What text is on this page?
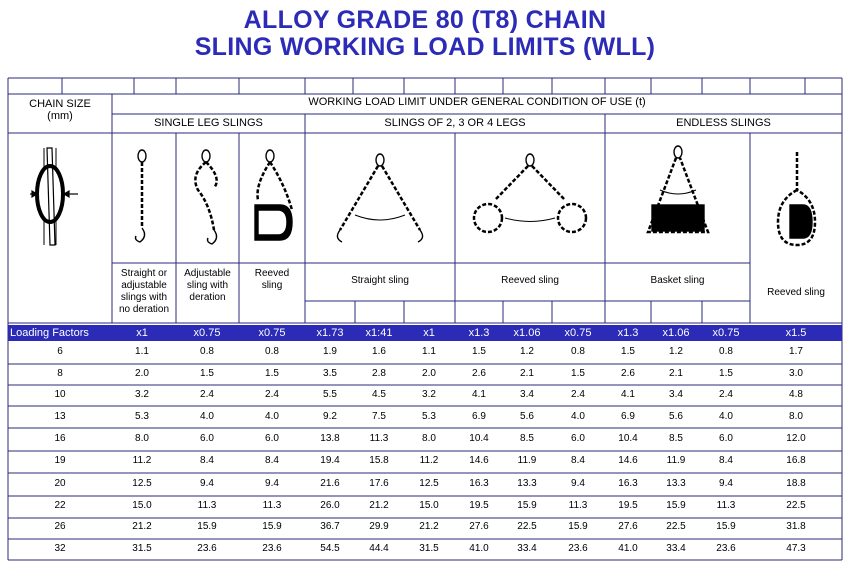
ALLOY GRADE 80 (T8) CHAIN
SLING WORKING LOAD LIMITS (WLL)
CHAIN SIZE
(mm)
WORKING LOAD LIMIT UNDER GENERAL CONDITION OF USE (t)
SINGLE LEG SLINGS	SLINGS OF 2, 3 OR 4 LEGS	ENDLESS SLINGS
Straight or
adjustable
slings with
no deration
Adjustable
sling with
deration
Reeved
sling	Straight sling	Reeved sling	Basket sling
Reeved sling
Loading Factors	x1	x0.75	x0.75	x1.73	x1:41	x1	x1.3	x1.06	x0.75	x1.3	x1.06	x0.75	x1.5
6	1.1	0.8	0.8	1.9	1.6	1.1	1.5	1.2	0.8	1.5	1.2	0.8	1.7
8	2.0	1.5	1.5	3.5	2.8	2.0	2.6	2.1	1.5	2.6	2.1	1.5	3.0
10	3.2	2.4	2.4	5.5	4.5	3.2	4.1	3.4	2.4	4.1	3.4	2.4	4.8
13	5.3	4.0	4.0	9.2	7.5	5.3	6.9	5.6	4.0	6.9	5.6	4.0	8.0
16	8.0	6.0	6.0	13.8	11.3	8.0	10.4	8.5	6.0	10.4	8.5	6.0	12.0
19	11.2	8.4	8.4	19.4	15.8	11.2	14.6	11.9	8.4	14.6	11.9	8.4	16.8
20	12.5	9.4	9.4	21.6	17.6	12.5	16.3	13.3	9.4	16.3	13.3	9.4	18.8
22	15.0	11.3	11.3	26.0	21.2	15.0	19.5	15.9	11.3	19.5	15.9	11.3	22.5
26	21.2	15.9	15.9	36.7	29.9	21.2	27.6	22.5	15.9	27.6	22.5	15.9	31.8
32	31.5	23.6	23.6	54.5	44.4	31.5	41.0	33.4	23.6	41.0	33.4	23.6	47.3
